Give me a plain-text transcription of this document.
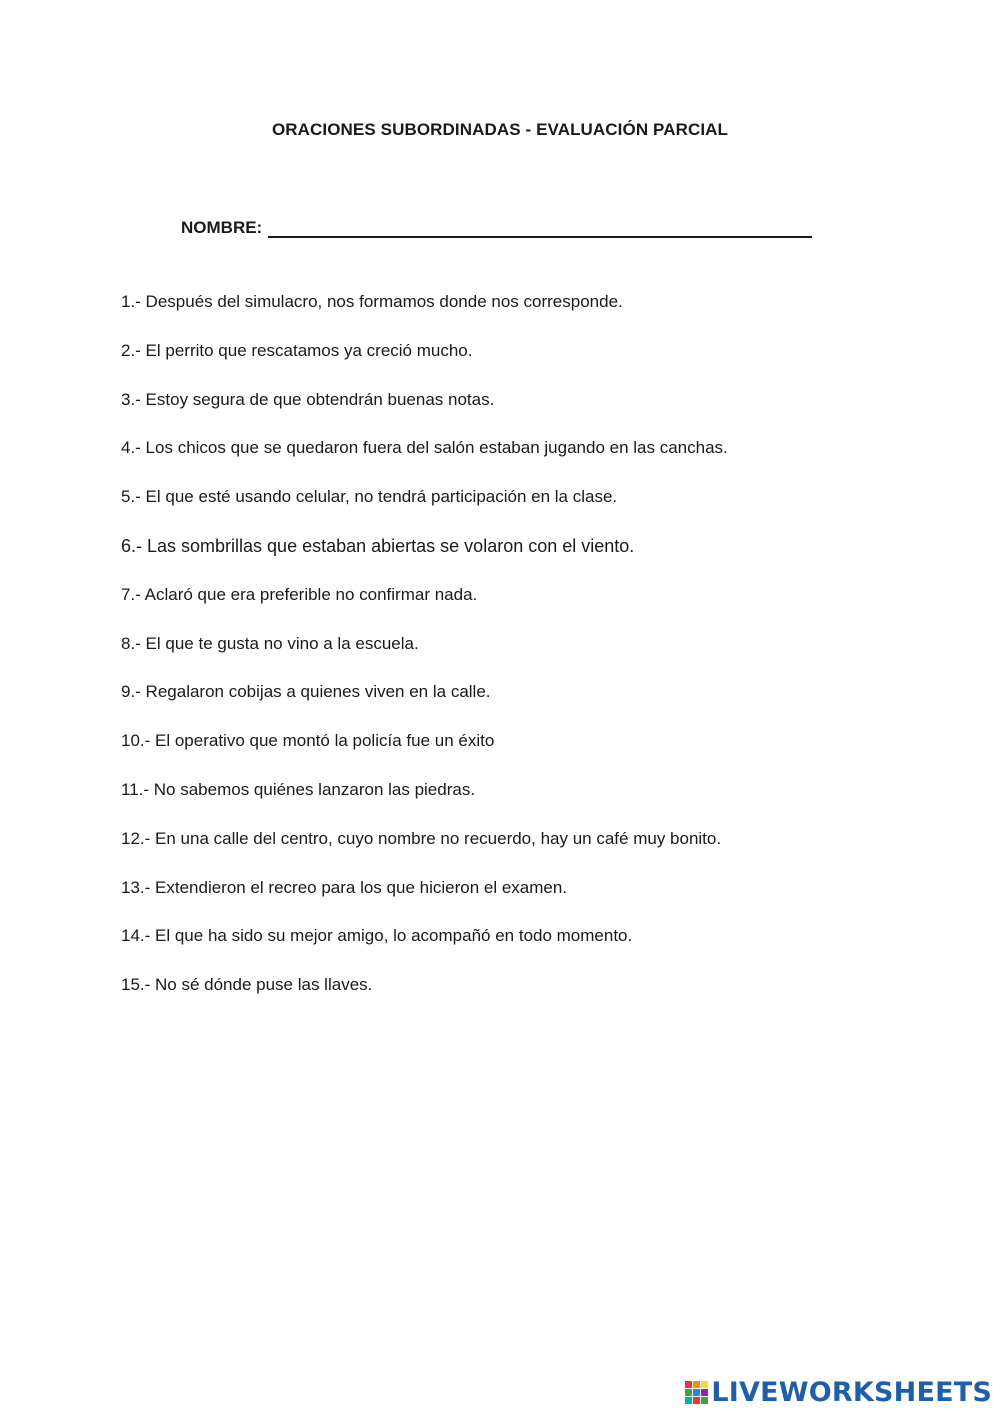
ORACIONES SUBORDINADAS - EVALUACIÓN PARCIAL
NOMBRE:
1.- Después del simulacro, nos formamos donde nos corresponde.
2.- El perrito que rescatamos ya creció mucho.
3.- Estoy segura de que obtendrán buenas notas.
4.- Los chicos que se quedaron fuera del salón estaban jugando en las canchas.
5.- El que esté usando celular, no tendrá participación en la clase.
6.- Las sombrillas que estaban abiertas se volaron con el viento.
7.- Aclaró que era preferible no confirmar nada.
8.- El que te gusta no vino a la escuela.
9.- Regalaron cobijas a quienes viven en la calle.
10.- El operativo que montó la policía fue un éxito
11.- No sabemos quiénes lanzaron las piedras.
12.- En una calle del centro, cuyo nombre no recuerdo, hay un café muy bonito.
13.- Extendieron el recreo para los que hicieron el examen.
14.- El que ha sido su mejor amigo, lo acompañó en todo momento.
15.- No sé dónde puse las llaves.
LIVEWORKSHEETS
